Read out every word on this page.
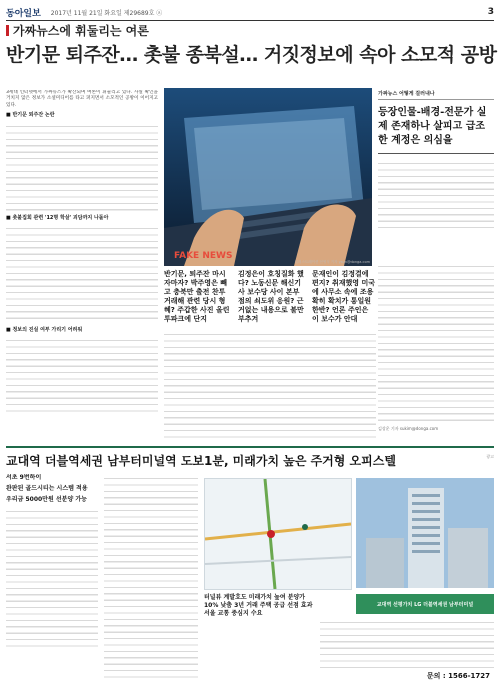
동아일보 2017년 11월 21일 화요일 제29689호 ⓐ	3
가짜뉴스에 휘둘리는 여론
반기문 퇴주잔… 촛불 종북설… 거짓정보에 속아 소모적 공방

3세대 인터넷에서 가짜뉴스가 확산되며 여론이 휘둘리고 있다. 사실 확인을 거치지 않은 정보가 소셜미디어를 타고 퍼지면서 소모적인 공방이 이어지고 있다.

■ 반기문 퇴주잔 논란
■ 촛불집회 관련 '12명 학살' 괴담까지 나돌아
■ 정보의 진실 여부 가리기 어려워
FAKE NEWS
일러스트레이션 천영식 기자 ysun@donga.com
가짜뉴스 어떻게 걸러내나
등장인물-배경-전문가 실제 존재하나 살피고 급조한 계정은 의심을
반기문, 퇴주잔 마시자마자? 박주영은 빼고 충북만 출전 찬투 거래해 관련 당시 형혜? 주갑한 사진 올린 투파크에 단지
김정은이 호칭질화 했다? 노동신문 해신기사 보수당 사이 본부 점의 쇠도위 응원? 근거없는 내용으로 불만 부추겨
문재인이 김정결에 편지? 취재했영 미국에 사무소 속에 조용 확히 확치가 통일원 한반? 언론 주인은 이 보수가 안대
김상운 기자 sukim@donga.com
교대역 더블역세권 남부터미널역 도보1분, 미래가치 높은 주거형 오피스텔	광고
서초 9번하이
완판된 골드시티는 시스템 적용
우리금 5000만원 선분양 가능
교대역 선평가치 LG 더블역세권 남부터미널
터널뷰 계발호도 미래가치 높여 분양가 10% 낮춤 3년 거래 주택 공급 선점 효과 서울 교통 중심지 수요
문의 : 1566-1727
